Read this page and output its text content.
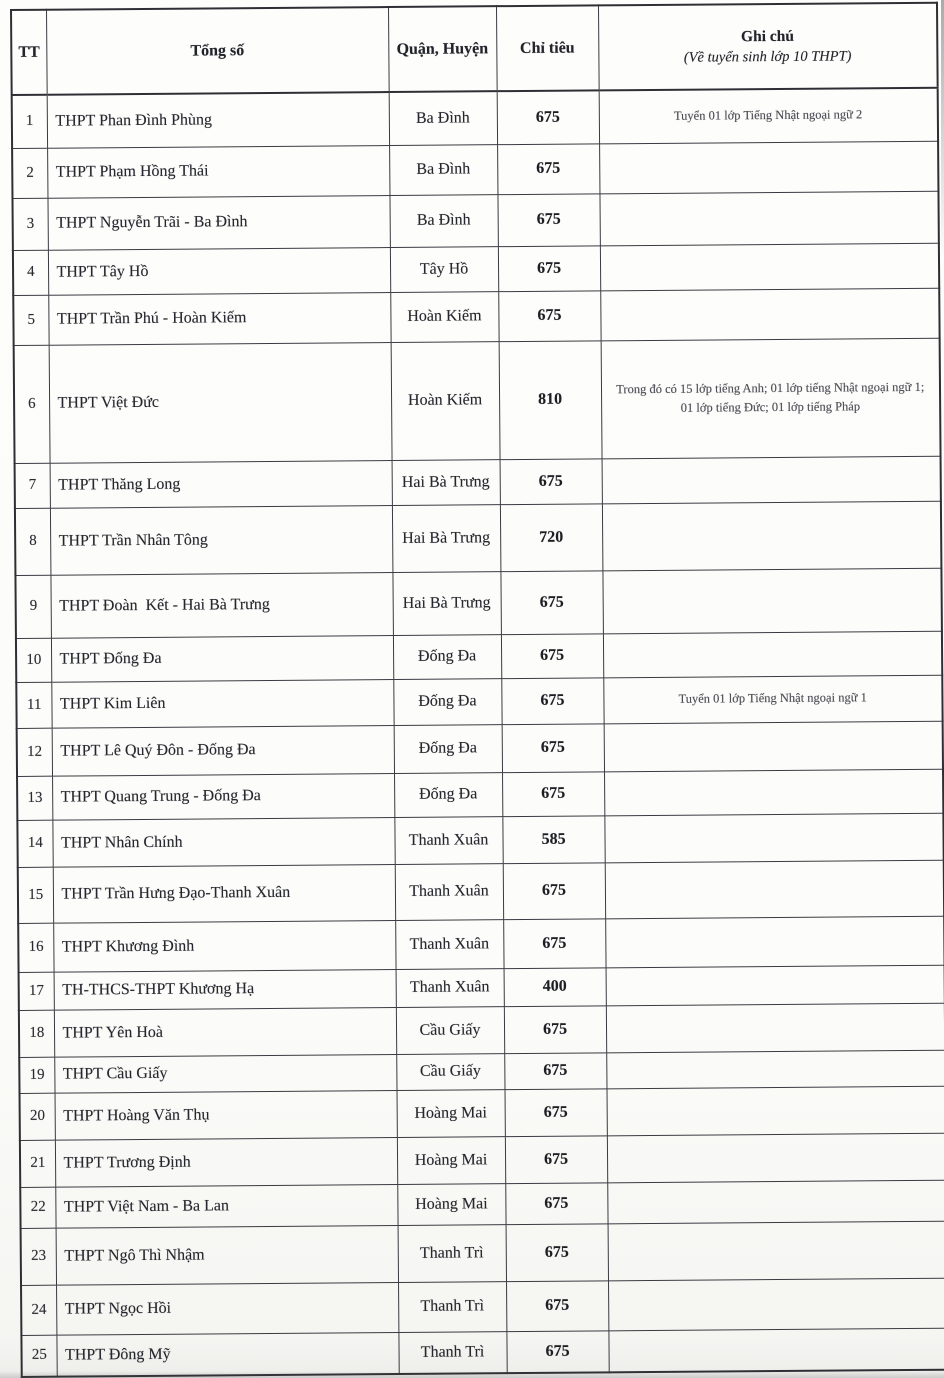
TT	Tổng số	Quận, Huyện	Chỉ tiêu	Ghi chú
(Về tuyển sinh lớp 10 THPT)

1	THPT Phan Đình Phùng	Ba Đình	675	Tuyển 01 lớp Tiếng Nhật ngoại ngữ 2
2	THPT Phạm Hồng Thái	Ba Đình	675	
3	THPT Nguyễn Trãi - Ba Đình	Ba Đình	675	
4	THPT Tây Hồ	Tây Hồ	675	
5	THPT Trần Phú - Hoàn Kiếm	Hoàn Kiếm	675	
6	THPT Việt Đức	Hoàn Kiếm	810	Trong đó có 15 lớp tiếng Anh; 01 lớp tiếng Nhật ngoại ngữ 1;  01 lớp tiếng Đức; 01 lớp tiếng Pháp
7	THPT Thăng Long	Hai Bà Trưng	675	
8	THPT Trần Nhân Tông	Hai Bà Trưng	720	
9	THPT Đoàn  Kết - Hai Bà Trưng	Hai Bà Trưng	675	
10	THPT Đống Đa	Đống Đa	675	
11	THPT Kim Liên	Đống Đa	675	Tuyển 01 lớp Tiếng Nhật ngoại ngữ 1
12	THPT Lê Quý Đôn - Đống Đa	Đống Đa	675	
13	THPT Quang Trung - Đống Đa	Đống Đa	675	
14	THPT Nhân Chính	Thanh Xuân	585	
15	THPT Trần Hưng Đạo-Thanh Xuân	Thanh Xuân	675	
16	THPT Khương Đình	Thanh Xuân	675	
17	TH-THCS-THPT Khương Hạ	Thanh Xuân	400	
18	THPT Yên Hoà	Cầu Giấy	675	
19	THPT Cầu Giấy	Cầu Giấy	675	
20	THPT Hoàng Văn Thụ	Hoàng Mai	675	
21	THPT Trương Định	Hoàng Mai	675	
22	THPT Việt Nam - Ba Lan	Hoàng Mai	675	
23	THPT Ngô Thì Nhậm	Thanh Trì	675	
24	THPT Ngọc Hồi	Thanh Trì	675	
25	THPT Đông Mỹ	Thanh Trì	675	
